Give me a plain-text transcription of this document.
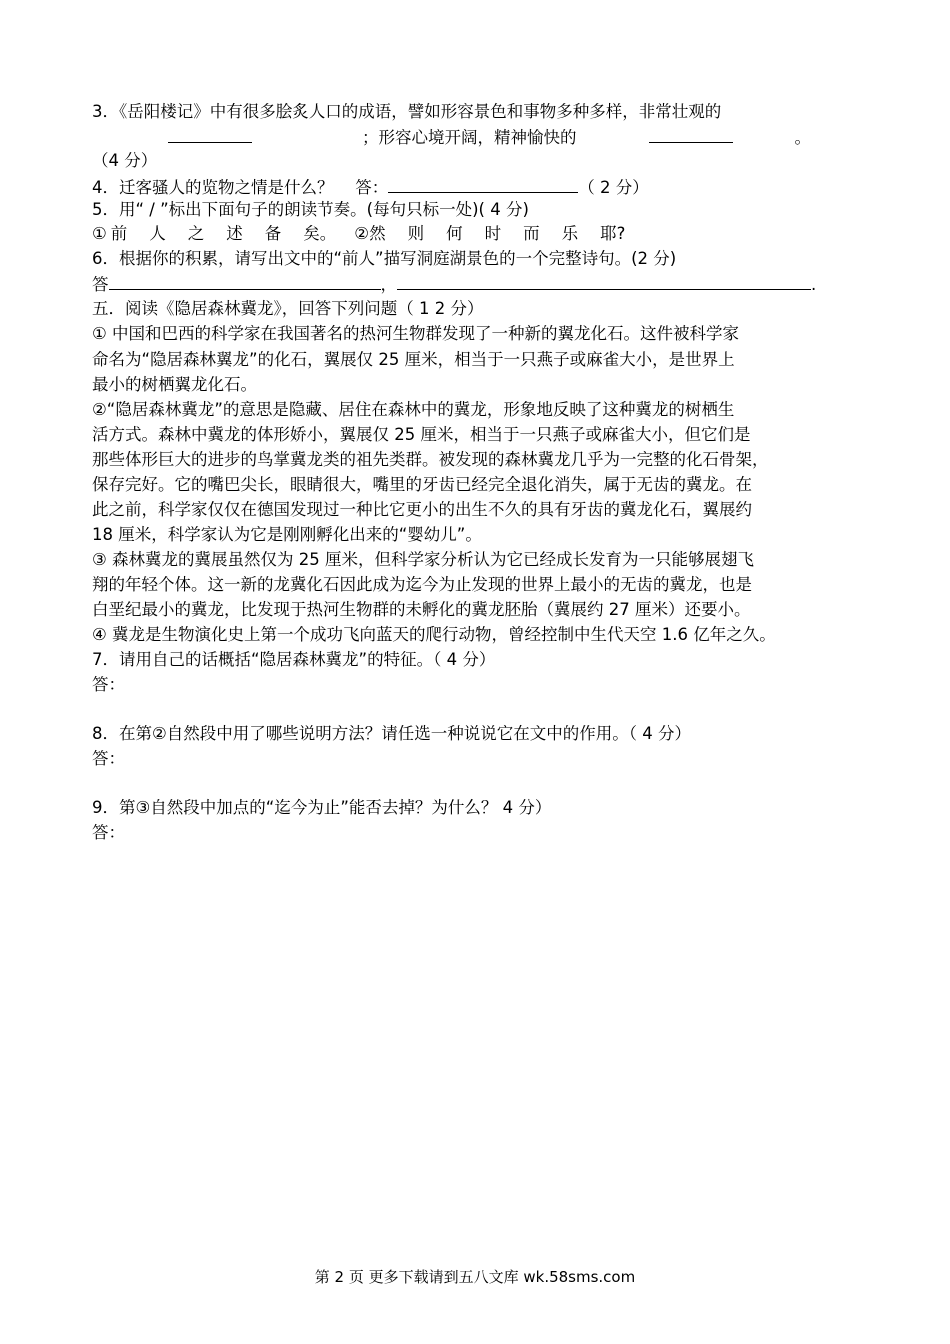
3．《岳阳楼记》中有很多脍炙人口的成语，譬如形容景色和事物多种多样，非常壮观的
；形容心境开阔，精神愉快的	。
（4 分）
4．迁客骚人的览物之情是什么？　 答：	（ 2 分）
5．用“ / ”标出下面句子的朗读节奏。(每句只标一处)( 4 分)
① 前 人 之 述 备 矣。 ②然 则 何 时 而 乐 耶?
6．根据你的积累，请写出文中的“前人”描写洞庭湖景色的一个完整诗句。(2 分)
答	，	.
五．阅读《隐居森林冀龙》，回答下列问题（ 1 2 分）
① 中国和巴西的科学家在我国著名的热河生物群发现了一种新的翼龙化石。这件被科学家
命名为“隐居森林翼龙”的化石，翼展仅 25 厘米，相当于一只燕子或麻雀大小，是世界上
最小的树栖翼龙化石。
②“隐居森林冀龙”的意思是隐藏、居住在森林中的冀龙，形象地反映了这种冀龙的树栖生
活方式。森林中冀龙的体形娇小，翼展仅 25 厘米，相当于一只燕子或麻雀大小，但它们是
那些体形巨大的进步的鸟掌冀龙类的祖先类群。被发现的森林冀龙几乎为一完整的化石骨架，
保存完好。它的嘴巴尖长，眼睛很大，嘴里的牙齿已经完全退化消失，属于无齿的冀龙。在
此之前，科学家仅仅在德国发现过一种比它更小的出生不久的具有牙齿的冀龙化石，翼展约
18 厘米，科学家认为它是刚刚孵化出来的“婴幼儿”。
③ 森林冀龙的冀展虽然仅为 25 厘米，但科学家分析认为它已经成长发育为一只能够展翅飞
翔的年轻个体。这一新的龙冀化石因此成为迄今为止发现的世界上最小的无齿的冀龙，也是
白垩纪最小的冀龙，比发现于热河生物群的未孵化的冀龙胚胎（冀展约 27 厘米）还要小。
④ 冀龙是生物演化史上第一个成功飞向蓝天的爬行动物，曾经控制中生代天空 1.6 亿年之久。
7．请用自己的话概括“隐居森林冀龙”的特征。（ 4 分）
答：
8．在第②自然段中用了哪些说明方法？请任选一种说说它在文中的作用。（ 4 分）
答：
9．第③自然段中加点的“迄今为止”能否去掉？为什么？ 4 分）
答：
第 2 页 更多下载请到五八文库 wk.58sms.com
